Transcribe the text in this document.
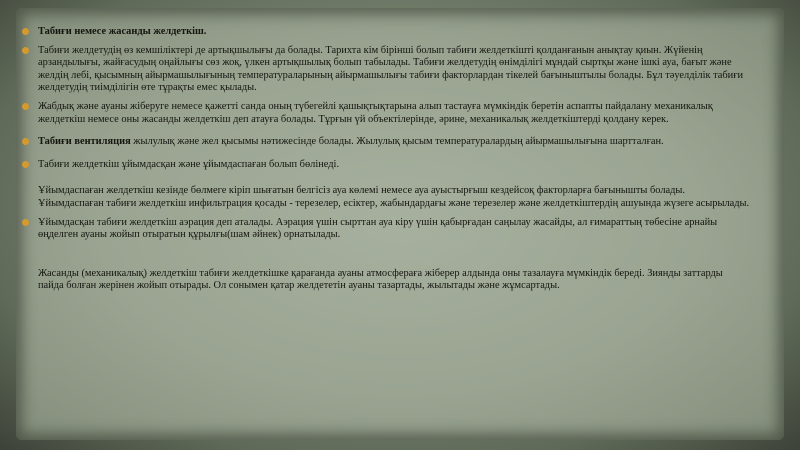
Табиғи немесе жасанды желдеткіш.
Табиғи желдетудің өз кемшіліктері де артықшылығы да болады. Тарихта кім бірінші болып табиғи желдеткішті қолданғанын анықтау қиын. Жүйенің арзандылығы, жайғасудың оңайлығы сөз жоқ, үлкен артықшылық болып табылады. Табиғи желдетудің өнімділігі мұндай сыртқы және ішкі ауа, бағыт және желдің лебі, қысымның айырмашылығының температураларының айырмашылығы табиғи факторлардан тікелей бағыныштылы болады. Бұл тәуелділік табиғи желдетудің тиімділігін өте тұрақты емес қылады.
Жабдық және ауаны жіберуге немесе қажетті санда оның түбегейлі қашықтықтарына алып тастауға мүмкіндік беретін аспапты пайдалану механикалық желдеткіш немесе оны жасанды желдеткіш деп атауға болады. Тұрғын үй объектілерінде, әрине, механикалық желдеткіштерді қолдану керек.
Табиғи вентиляция жылулық және жел қысымы нәтижесінде болады. Жылулық қысым температуралардың айырмашылығына шартталған.
Табиғи желдеткіш ұйымдасқан және ұйымдаспаған болып бөлінеді.
Ұйымдаспаған желдеткіш кезінде бөлмеге кіріп шығатын белгісіз ауа көлемі немесе ауа ауыстырғыш кездейсоқ факторларға бағынышты болады. Ұйымдаспаған табиғи желдеткіш инфильтрация қосады - терезелер, есіктер, жабындардағы және терезелер және желдеткіштердің ашуында жүзеге асырылады.
Ұйымдасқан табиғи желдеткіш аэрация деп аталады. Аэрация үшін сырттан ауа кіру үшін қабырғадан саңылау жасайды, ал ғимараттың төбесіне арнайы өңделген ауаны жойып отыратын құрылғы(шам әйнек) орнатылады.
Жасанды (механикалық) желдеткіш табиғи желдеткішке қарағанда ауаны атмосфераға жіберер алдында оны тазалауға мүмкіндік береді. Зиянды заттарды пайда болған жерінен жойып отырады. Ол сонымен қатар желдететін ауаны тазартады, жылытады және жұмсартады.
